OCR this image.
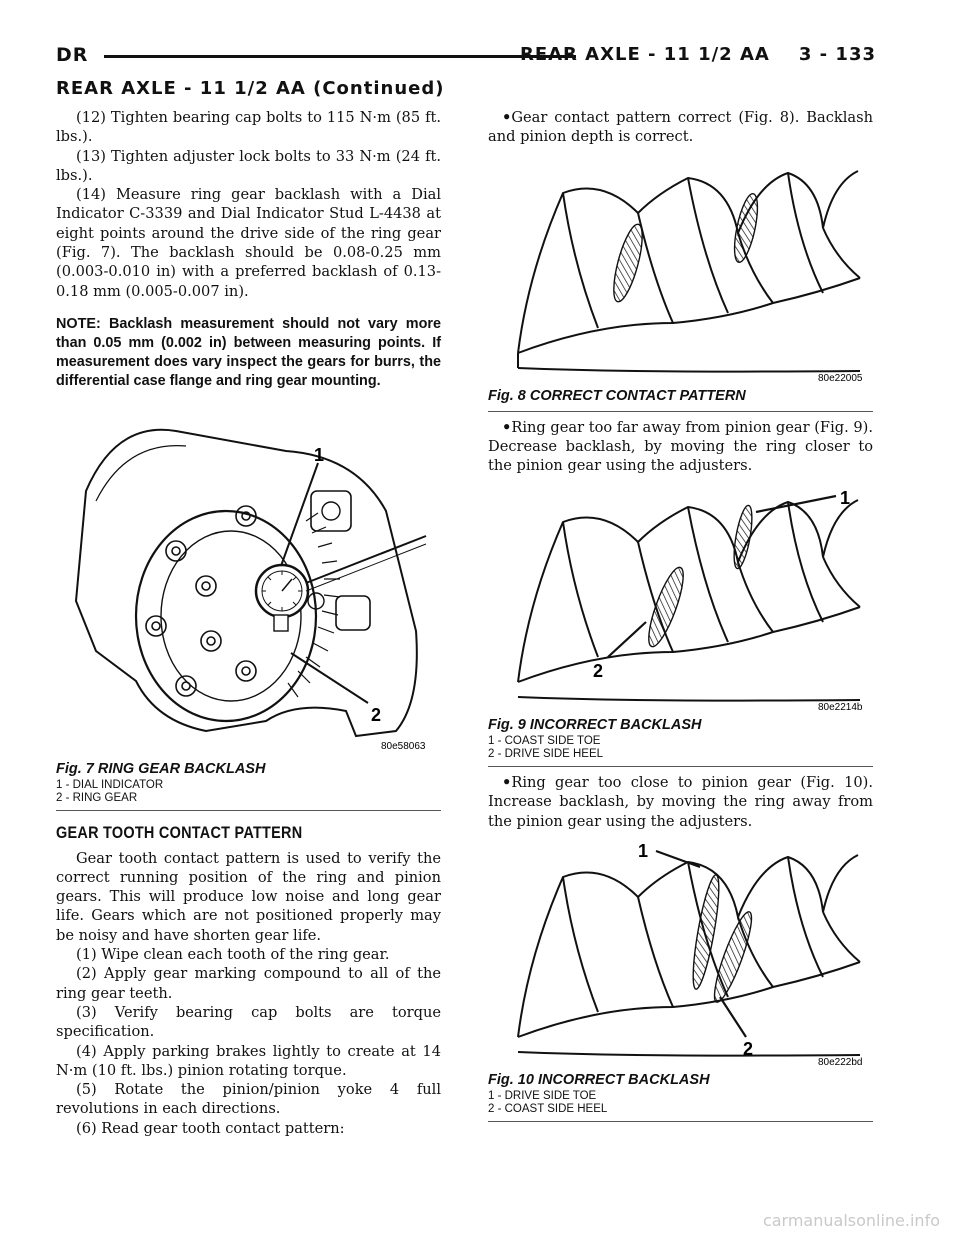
DR	REAR AXLE - 11 1/2 AA    3 - 133
REAR AXLE - 11 1/2 AA (Continued)

(12) Tighten bearing cap bolts to 115 N·m (85 ft. lbs.).

(13) Tighten adjuster lock bolts to 33 N·m (24 ft. lbs.).

(14) Measure ring gear backlash with a Dial Indicator C-3339 and Dial Indicator Stud L-4438 at eight points around the drive side of the ring gear (Fig. 7). The backlash should be 0.08-0.25 mm (0.003-0.010 in) with a preferred backlash of 0.13-0.18 mm (0.005-0.007 in).

NOTE: Backlash measurement should not vary more than 0.05 mm (0.002 in) between measuring points. If measurement does vary inspect the gears for burrs, the differential case flange and ring gear mounting.

1
2
80e58063
Fig. 7 RING GEAR BACKLASH
1 - DIAL INDICATOR
2 - RING GEAR
GEAR TOOTH CONTACT PATTERN

Gear tooth contact pattern is used to verify the correct running position of the ring and pinion gears. This will produce low noise and long gear life. Gears which are not positioned properly may be noisy and have shorten gear life.

(1) Wipe clean each tooth of the ring gear.

(2) Apply gear marking compound to all of the ring gear teeth.

(3) Verify bearing cap bolts are torque specification.

(4) Apply parking brakes lightly to create at 14 N·m (10 ft. lbs.) pinion rotating torque.

(5) Rotate the pinion/pinion yoke 4 full revolutions in each directions.

(6) Read gear tooth contact pattern:

•Gear contact pattern correct (Fig. 8). Backlash and pinion depth is correct.

80e22005
Fig. 8 CORRECT CONTACT PATTERN

•Ring gear too far away from pinion gear (Fig. 9). Decrease backlash, by moving the ring closer to the pinion gear using the adjusters.

1
2
80e2214b
Fig. 9 INCORRECT BACKLASH
1 - COAST SIDE TOE
2 - DRIVE SIDE HEEL

•Ring gear too close to pinion gear (Fig. 10). Increase backlash, by moving the ring away from the pinion gear using the adjusters.

1
2
80e222bd
Fig. 10 INCORRECT BACKLASH
1 - DRIVE SIDE TOE
2 - COAST SIDE HEEL
carmanualsonline.info
